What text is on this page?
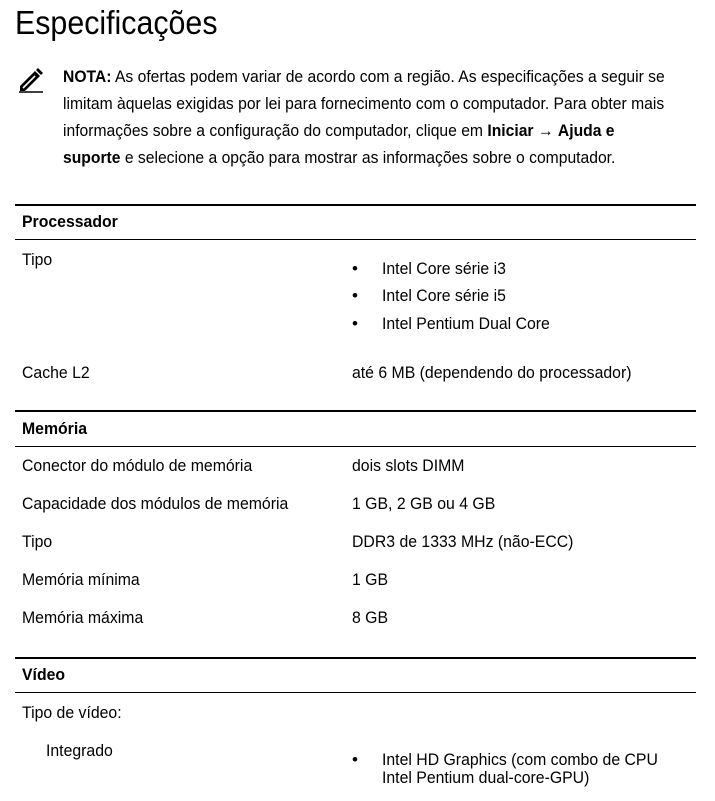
Especificações
NOTA: As ofertas podem variar de acordo com a região. As especificações a seguir se limitam àquelas exigidas por lei para fornecimento com o computador. Para obter mais informações sobre a configuração do computador, clique em Iniciar → Ajuda e suporte e selecione a opção para mostrar as informações sobre o computador.
Processador
Tipo	• Intel Core série i3
• Intel Core série i5
• Intel Pentium Dual Core
Cache L2	até 6 MB (dependendo do processador)
Memória
Conector do módulo de memória	dois slots DIMM
Capacidade dos módulos de memória	1 GB, 2 GB ou 4 GB
Tipo	DDR3 de 1333 MHz (não-ECC)
Memória mínima	1 GB
Memória máxima	8 GB
Vídeo
Tipo de vídeo:
Integrado	• Intel HD Graphics (com combo de CPU
Intel Pentium dual-core-GPU)
